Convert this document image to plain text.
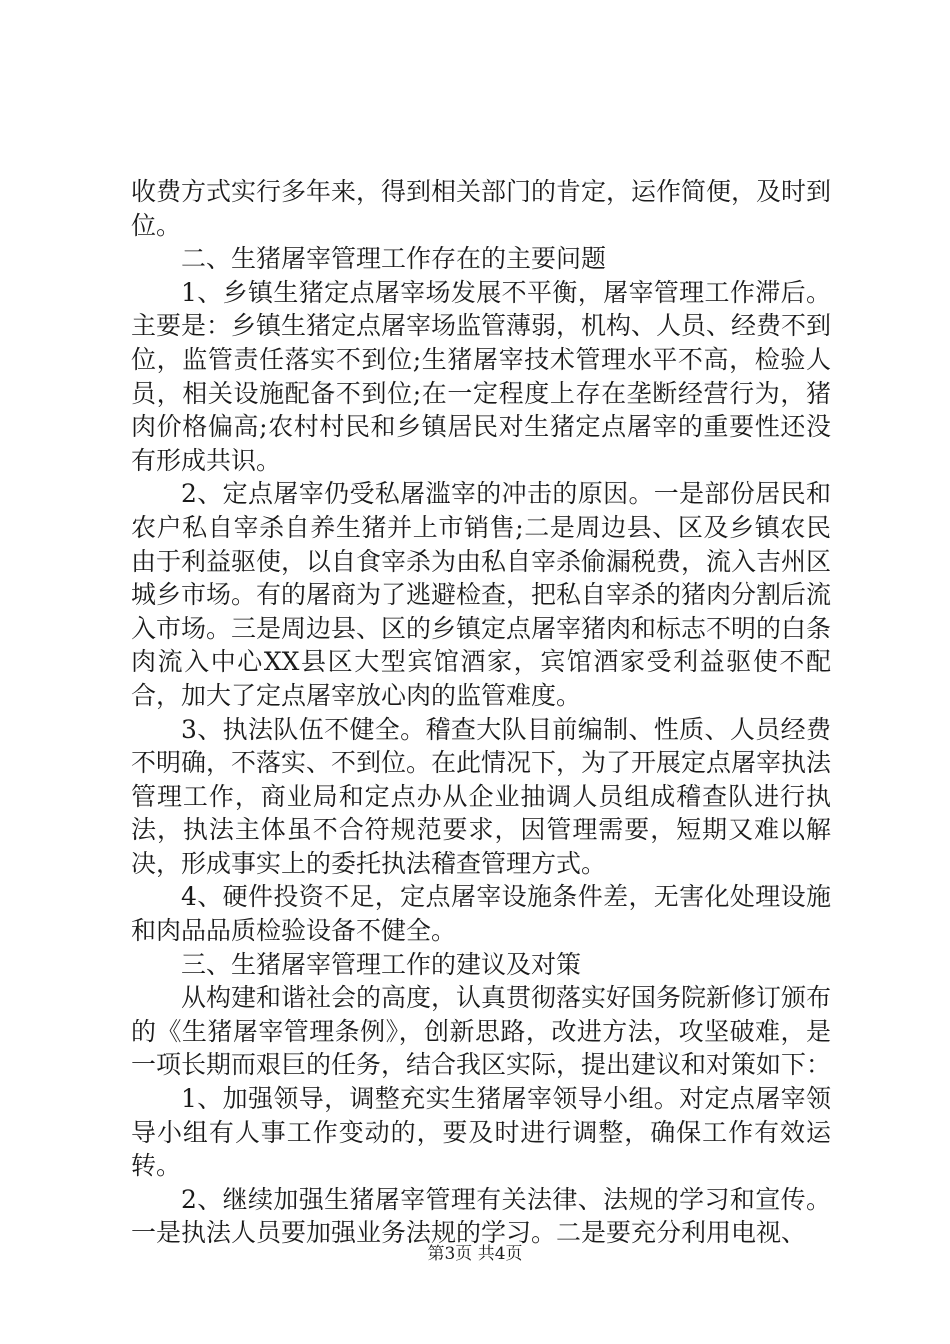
收费方式实行多年来，得到相关部门的肯定，运作简便，及时到位。

二、生猪屠宰管理工作存在的主要问题

1、乡镇生猪定点屠宰场发展不平衡，屠宰管理工作滞后。主要是：乡镇生猪定点屠宰场监管薄弱，机构、人员、经费不到位，监管责任落实不到位;生猪屠宰技术管理水平不高，检验人员，相关设施配备不到位;在一定程度上存在垄断经营行为，猪肉价格偏高;农村村民和乡镇居民对生猪定点屠宰的重要性还没有形成共识。

2、定点屠宰仍受私屠滥宰的冲击的原因。一是部份居民和农户私自宰杀自养生猪并上市销售;二是周边县、区及乡镇农民由于利益驱使，以自食宰杀为由私自宰杀偷漏税费，流入吉州区城乡市场。有的屠商为了逃避检查，把私自宰杀的猪肉分割后流入市场。三是周边县、区的乡镇定点屠宰猪肉和标志不明的白条肉流入中心XX县区大型宾馆酒家，宾馆酒家受利益驱使不配合，加大了定点屠宰放心肉的监管难度。

3、执法队伍不健全。稽查大队目前编制、性质、人员经费不明确，不落实、不到位。在此情况下，为了开展定点屠宰执法管理工作，商业局和定点办从企业抽调人员组成稽查队进行执法，执法主体虽不合符规范要求，因管理需要，短期又难以解决，形成事实上的委托执法稽查管理方式。

4、硬件投资不足，定点屠宰设施条件差，无害化处理设施和肉品品质检验设备不健全。

三、生猪屠宰管理工作的建议及对策

从构建和谐社会的高度，认真贯彻落实好国务院新修订颁布的《生猪屠宰管理条例》，创新思路，改进方法，攻坚破难，是一项长期而艰巨的任务，结合我区实际，提出建议和对策如下：

1、加强领导，调整充实生猪屠宰领导小组。对定点屠宰领导小组有人事工作变动的，要及时进行调整，确保工作有效运转。

2、继续加强生猪屠宰管理有关法律、法规的学习和宣传。一是执法人员要加强业务法规的学习。二是要充分利用电视、

第3页 共4页
